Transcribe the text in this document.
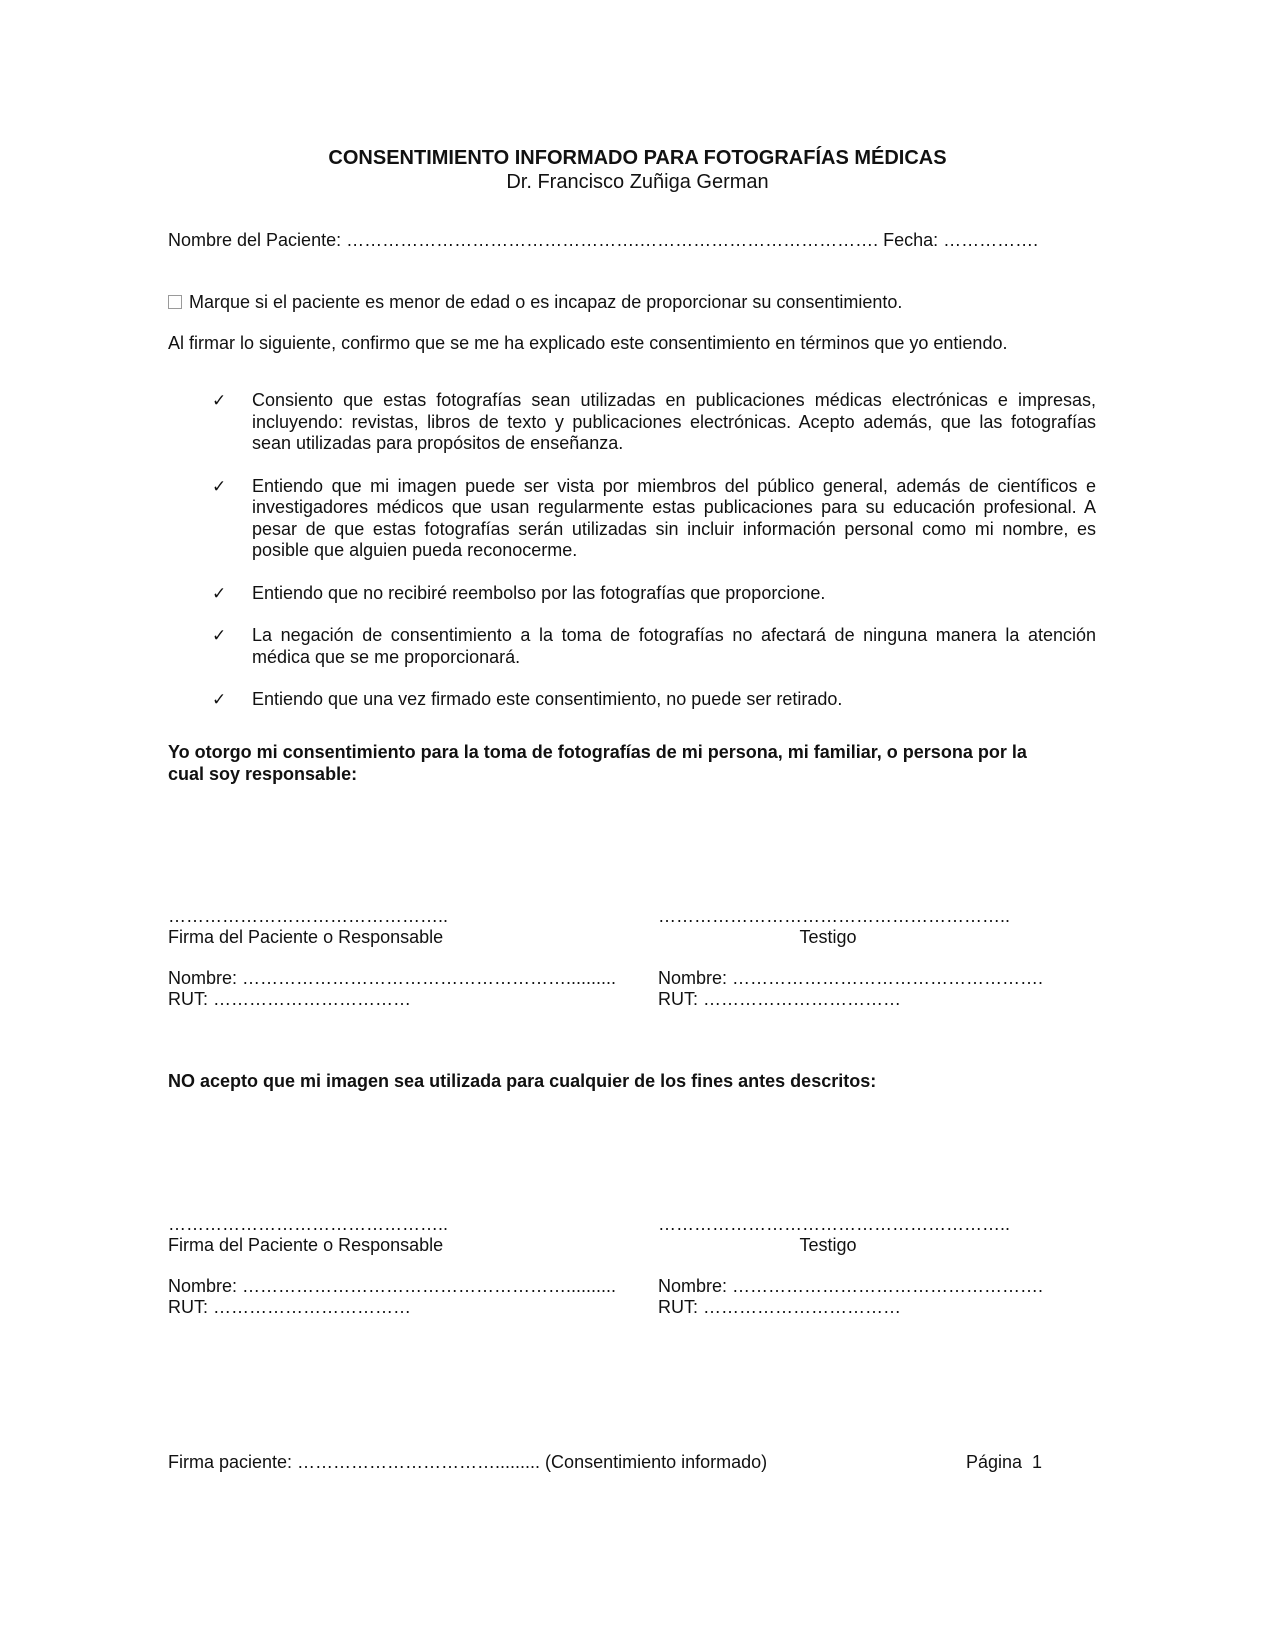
CONSENTIMIENTO INFORMADO PARA FOTOGRAFÍAS MÉDICAS
Dr. Francisco Zuñiga German
Nombre del Paciente: ………………………………………….…………………………………. Fecha: …………….
Marque si el paciente es menor de edad o es incapaz de proporcionar su consentimiento.
Al firmar lo siguiente, confirmo que se me ha explicado este consentimiento en términos que yo entiendo.
✓	Consiento que estas fotografías sean utilizadas en publicaciones médicas electrónicas e impresas, incluyendo: revistas, libros de texto y publicaciones electrónicas. Acepto además, que las fotografías sean utilizadas para propósitos de enseñanza.
✓	Entiendo que mi imagen puede ser vista por miembros del público general, además de científicos e investigadores médicos que usan regularmente estas publicaciones para su educación profesional. A pesar de que estas fotografías serán utilizadas sin incluir información personal como mi nombre, es posible que alguien pueda reconocerme.
✓	Entiendo que no recibiré reembolso por las fotografías que proporcione.
✓	La negación de consentimiento a la toma de fotografías no afectará de ninguna manera la atención médica que se me proporcionará.
✓	Entiendo que una vez firmado este consentimiento, no puede ser retirado.
Yo otorgo mi consentimiento para la toma de fotografías de mi persona, mi familiar, o persona por la cual soy responsable:
………………………………………..
Firma del Paciente o Responsable
…………………………………………………..
Testigo
Nombre: ………………………………………………..........
RUT: ……………………………
Nombre: …………………………………………….
RUT: ……………………………
NO acepto que mi imagen sea utilizada para cualquier de los fines antes descritos:
………………………………………..
Firma del Paciente o Responsable
…………………………………………………..
Testigo
Nombre: ………………………………………………..........
RUT: ……………………………
Nombre: …………………………………………….
RUT: ……………………………
Firma paciente: ……………………………......... (Consentimiento informado)	Página  1
